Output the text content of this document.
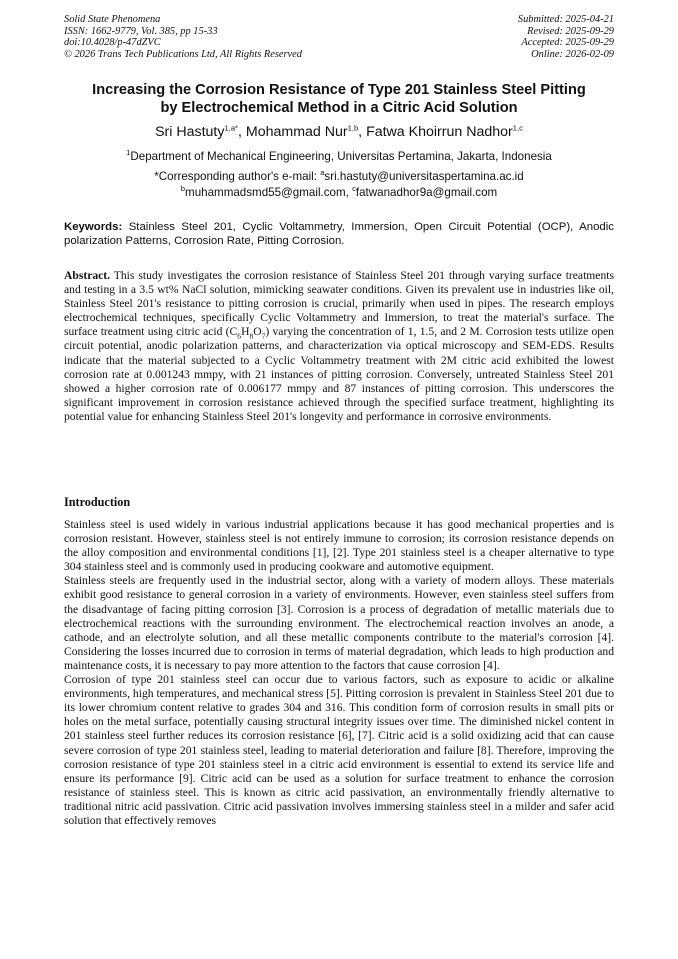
Solid State Phenomena
ISSN: 1662-9779, Vol. 385, pp 15-33
doi:10.4028/p-47dZVC
© 2026 Trans Tech Publications Ltd, All Rights Reserved
Submitted: 2025-04-21
Revised: 2025-09-29
Accepted: 2025-09-29
Online: 2026-02-09
Increasing the Corrosion Resistance of Type 201 Stainless Steel Pitting
by Electrochemical Method in a Citric Acid Solution
Sri Hastuty$^{1,a*}$, Mohammad Nur$^{1,b}$, Fatwa Khoirrun Nadhor$^{1,c}$
$^1$Department of Mechanical Engineering, Universitas Pertamina, Jakarta, Indonesia
*Corresponding author's e-mail: $^a$sri.hastuty@universitaspertamina.ac.id
$^b$muhammadsmd55@gmail.com, $^c$fatwanadhor9a@gmail.com
Keywords: Stainless Steel 201, Cyclic Voltammetry, Immersion, Open Circuit Potential (OCP), Anodic polarization Patterns, Corrosion Rate, Pitting Corrosion.
Abstract. This study investigates the corrosion resistance of Stainless Steel 201 through varying surface treatments and testing in a 3.5 wt% NaCl solution, mimicking seawater conditions. Given its prevalent use in industries like oil, Stainless Steel 201's resistance to pitting corrosion is crucial, primarily when used in pipes. The research employs electrochemical techniques, specifically Cyclic Voltammetry and Immersion, to treat the material's surface. The surface treatment using citric acid $(C_6H_8O_7)$ varying the concentration of 1, 1.5, and 2 M. Corrosion tests utilize open circuit potential, anodic polarization patterns, and characterization via optical microscopy and SEM-EDS. Results indicate that the material subjected to a Cyclic Voltammetry treatment with 2M citric acid exhibited the lowest corrosion rate at 0.001243 mmpy, with 21 instances of pitting corrosion. Conversely, untreated Stainless Steel 201 showed a higher corrosion rate of 0.006177 mmpy and 87 instances of pitting corrosion. This underscores the significant improvement in corrosion resistance achieved through the specified surface treatment, highlighting its potential value for enhancing Stainless Steel 201's longevity and performance in corrosive environments.
Introduction

Stainless steel is used widely in various industrial applications because it has good mechanical properties and is corrosion resistant. However, stainless steel is not entirely immune to corrosion; its corrosion resistance depends on the alloy composition and environmental conditions [1], [2]. Type 201 stainless steel is a cheaper alternative to type 304 stainless steel and is commonly used in producing cookware and automotive equipment.

Stainless steels are frequently used in the industrial sector, along with a variety of modern alloys. These materials exhibit good resistance to general corrosion in a variety of environments. However, even stainless steel suffers from the disadvantage of facing pitting corrosion [3]. Corrosion is a process of degradation of metallic materials due to electrochemical reactions with the surrounding environment. The electrochemical reaction involves an anode, a cathode, and an electrolyte solution, and all these metallic components contribute to the material's corrosion [4]. Considering the losses incurred due to corrosion in terms of material degradation, which leads to high production and maintenance costs, it is necessary to pay more attention to the factors that cause corrosion [4].

Corrosion of type 201 stainless steel can occur due to various factors, such as exposure to acidic or alkaline environments, high temperatures, and mechanical stress [5]. Pitting corrosion is prevalent in Stainless Steel 201 due to its lower chromium content relative to grades 304 and 316. This condition form of corrosion results in small pits or holes on the metal surface, potentially causing structural integrity issues over time. The diminished nickel content in 201 stainless steel further reduces its corrosion resistance [6], [7]. Citric acid is a solid oxidizing acid that can cause severe corrosion of type 201 stainless steel, leading to material deterioration and failure [8]. Therefore, improving the corrosion resistance of type 201 stainless steel in a citric acid environment is essential to extend its service life and ensure its performance [9]. Citric acid can be used as a solution for surface treatment to enhance the corrosion resistance of stainless steel. This is known as citric acid passivation, an environmentally friendly alternative to traditional nitric acid passivation. Citric acid passivation involves immersing stainless steel in a milder and safer acid solution that effectively removes
